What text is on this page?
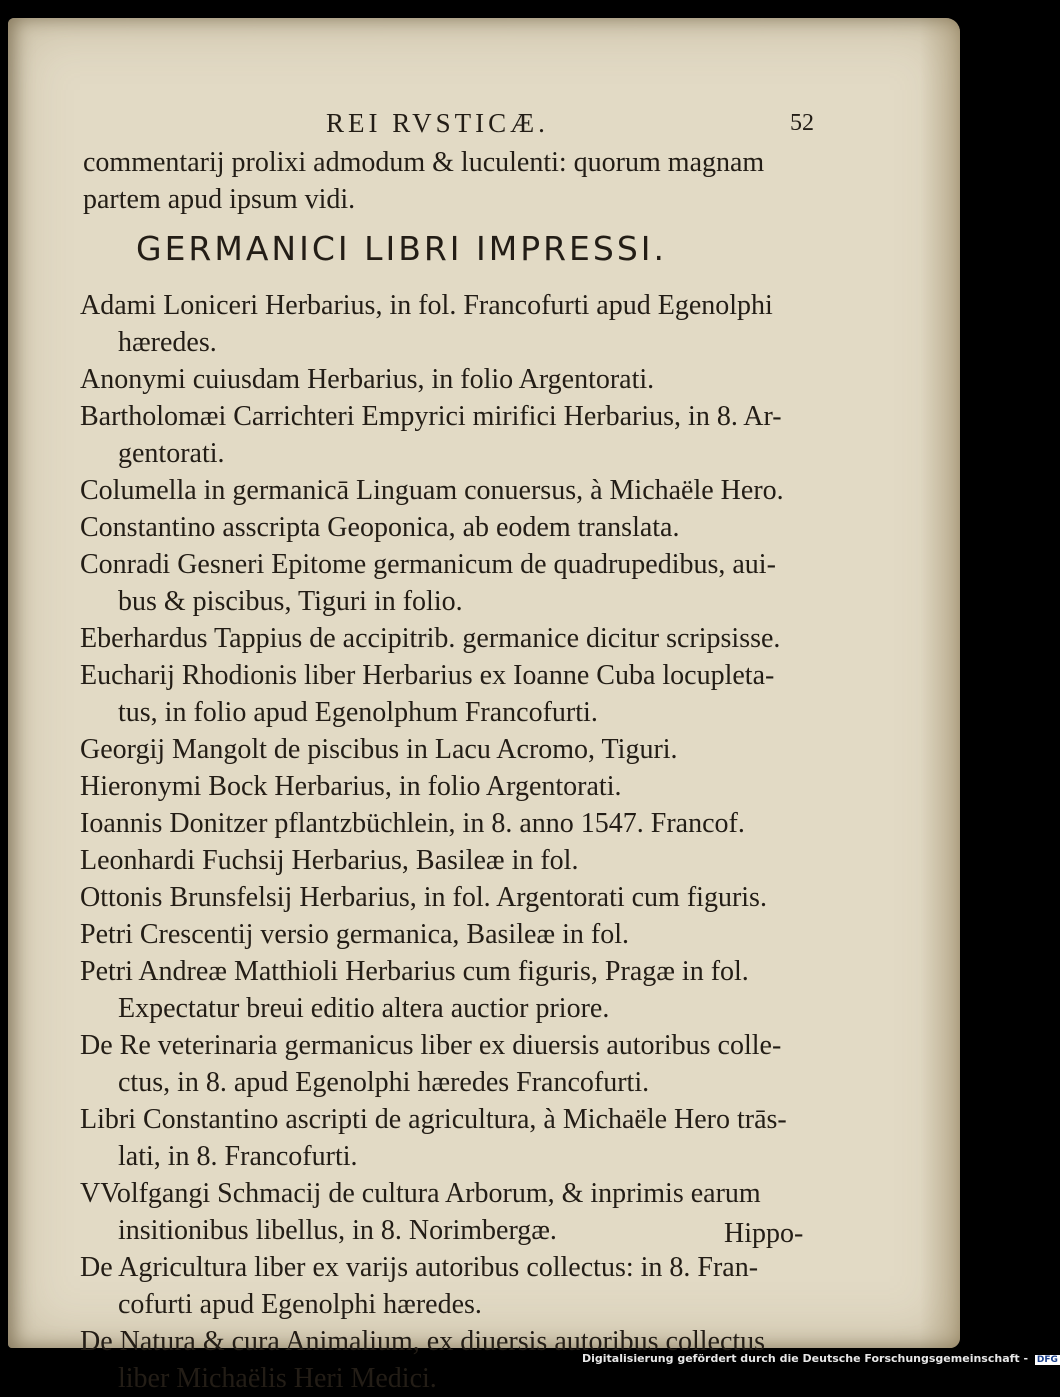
REI RVSTICÆ.	52
commentarij prolixi admodum & luculenti: quorum magnam
partem apud ipsum vidi.
GERMANICI LIBRI IMPRESSI.
Adami Loniceri Herbarius, in fol. Francofurti apud Egenolphi
hæredes.
Anonymi cuiusdam Herbarius, in folio Argentorati.
Bartholomæi Carrichteri Empyrici mirifici Herbarius, in 8. Ar-
gentorati.
Columella in germanicā Linguam conuersus, à Michaële Hero.
Constantino asscripta Geoponica, ab eodem translata.
Conradi Gesneri Epitome germanicum de quadrupedibus, aui-
bus & piscibus, Tiguri in folio.
Eberhardus Tappius de accipitrib. germanice dicitur scripsisse.
Eucharij Rhodionis liber Herbarius ex Ioanne Cuba locupleta-
tus, in folio apud Egenolphum Francofurti.
Georgij Mangolt de piscibus in Lacu Acromo, Tiguri.
Hieronymi Bock Herbarius, in folio Argentorati.
Ioannis Donitzer pflantzbüchlein, in 8. anno 1547. Francof.
Leonhardi Fuchsij Herbarius, Basileæ in fol.
Ottonis Brunsfelsij Herbarius, in fol. Argentorati cum figuris.
Petri Crescentij versio germanica, Basileæ in fol.
Petri Andreæ Matthioli Herbarius cum figuris, Pragæ in fol.
Expectatur breui editio altera auctior priore.
De Re veterinaria germanicus liber ex diuersis autoribus colle-
ctus, in 8. apud Egenolphi hæredes Francofurti.
Libri Constantino ascripti de agricultura, à Michaële Hero trās-
lati, in 8. Francofurti.
VVolfgangi Schmacij de cultura Arborum, & inprimis earum
insitionibus libellus, in 8. Norimbergæ.
De Agricultura liber ex varijs autoribus collectus: in 8. Fran-
cofurti apud Egenolphi hæredes.
De Natura & cura Animalium, ex diuersis autoribus collectus
liber Michaëlis Heri Medici.
Hippo-
Digitalisierung gefördert durch die Deutsche Forschungsgemeinschaft - DFG
